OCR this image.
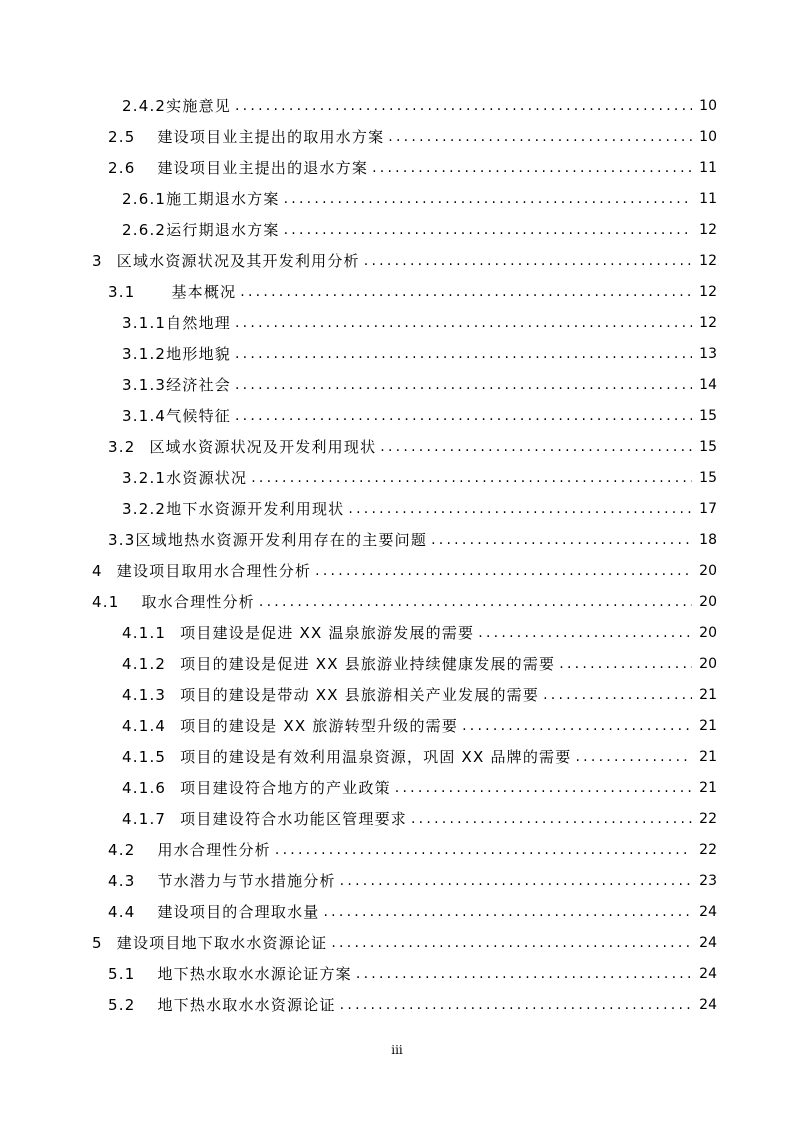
2.4.2 实施意见 . . .	10
2.5 建设项目业主提出的取用水方案 . . .	10
2.6 建设项目业主提出的退水方案 . . .	11
2.6.1 施工期退水方案 . . .	11
2.6.2 运行期退水方案 . . .	12
3 区域水资源状况及其开发利用分析 . . .	12
3.1 基本概况 . . .	12
3.1.1 自然地理 . . .	12
3.1.2 地形地貌 . . .	13
3.1.3 经济社会 . . .	14
3.1.4 气候特征 . . .	15
3.2 区域水资源状况及开发利用现状 . . .	15
3.2.1 水资源状况 . . .	15
3.2.2 地下水资源开发利用现状 . . .	17
3.3 区域地热水资源开发利用存在的主要问题 . . .	18
4 建设项目取用水合理性分析 . . .	20
4.1 取水合理性分析 . . .	20
4.1.1 项目建设是促进 XX 温泉旅游发展的需要 . . .	20
4.1.2 项目的建设是促进 XX 县旅游业持续健康发展的需要 . . .	20
4.1.3 项目的建设是带动 XX 县旅游相关产业发展的需要 . . .	21
4.1.4 项目的建设是 XX 旅游转型升级的需要 . . .	21
4.1.5 项目的建设是有效利用温泉资源，巩固 XX 品牌的需要 . . .	21
4.1.6 项目建设符合地方的产业政策 . . .	21
4.1.7 项目建设符合水功能区管理要求 . . .	22
4.2 用水合理性分析 . . .	22
4.3 节水潜力与节水措施分析 . . .	23
4.4 建设项目的合理取水量 . . .	24
5 建设项目地下取水水资源论证 . . .	24
5.1 地下热水取水水源论证方案 . . .	24
5.2 地下热水取水水资源论证 . . .	24
iii
